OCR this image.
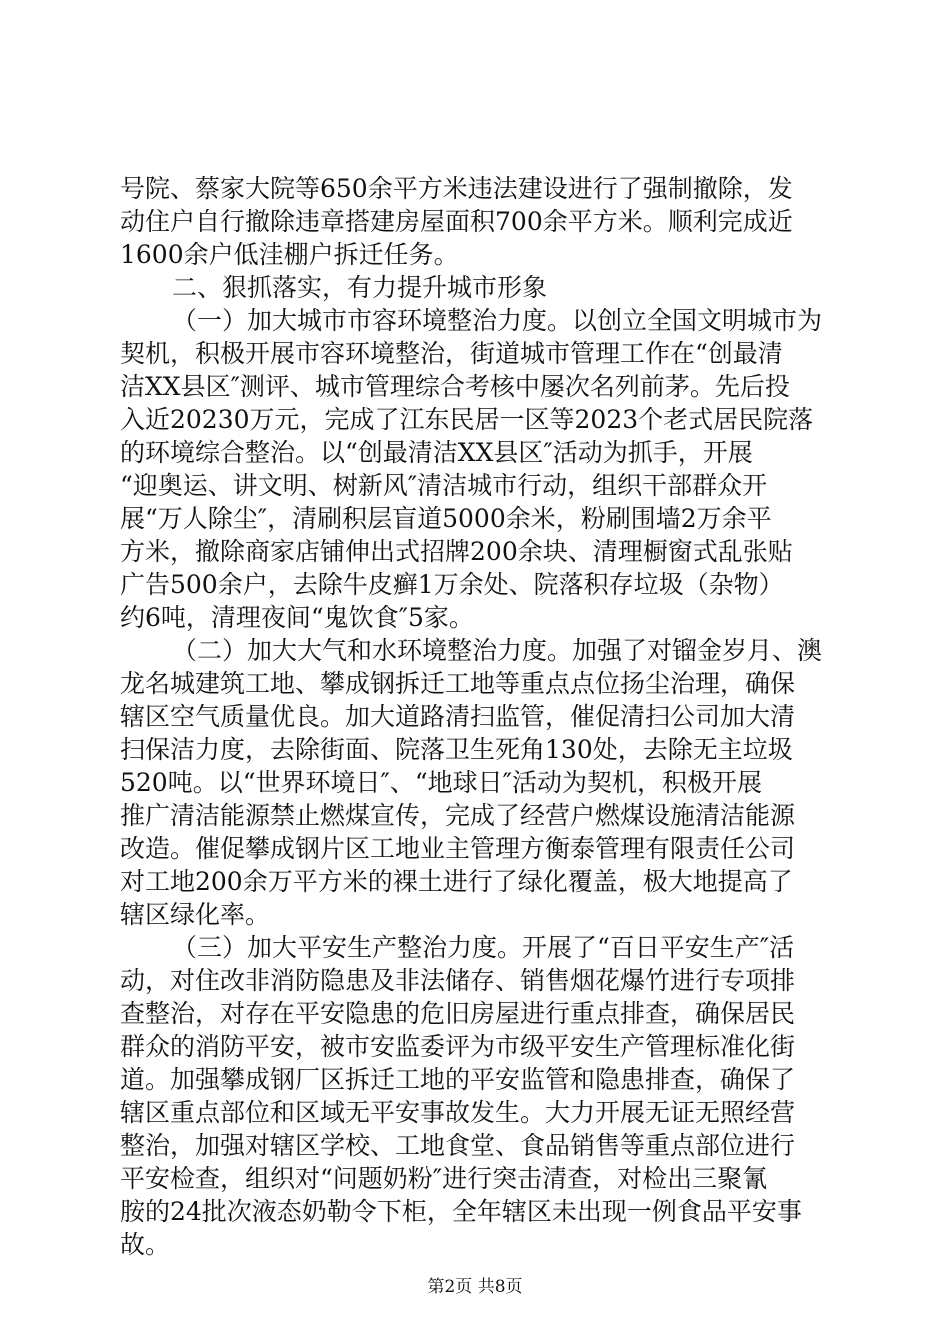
号院、蔡家大院等650余平方米违法建设进行了强制撤除，发
动住户自行撤除违章搭建房屋面积700余平方米。顺利完成近
1600余户低洼棚户拆迁任务。
二、狠抓落实，有力提升城市形象
（一）加大城市市容环境整治力度。以创立全国文明城市为
契机，积极开展市容环境整治，街道城市管理工作在“创最清
洁XX县区″测评、城市管理综合考核中屡次名列前茅。先后投
入近20230万元，完成了江东民居一区等2023个老式居民院落
的环境综合整治。以“创最清洁XX县区″活动为抓手，开展
“迎奥运、讲文明、树新风″清洁城市行动，组织干部群众开
展“万人除尘″，清刷积层盲道5000余米，粉刷围墙2万余平
方米，撤除商家店铺伸出式招牌200余块、清理橱窗式乱张贴
广告500余户，去除牛皮癣1万余处、院落积存垃圾（杂物）
约6吨，清理夜间“鬼饮食″5家。
（二）加大大气和水环境整治力度。加强了对镏金岁月、澳
龙名城建筑工地、攀成钢拆迁工地等重点点位扬尘治理，确保
辖区空气质量优良。加大道路清扫监管，催促清扫公司加大清
扫保洁力度，去除街面、院落卫生死角130处，去除无主垃圾
520吨。以“世界环境日″、“地球日″活动为契机，积极开展
推广清洁能源禁止燃煤宣传，完成了经营户燃煤设施清洁能源
改造。催促攀成钢片区工地业主管理方衡泰管理有限责任公司
对工地200余万平方米的裸土进行了绿化覆盖，极大地提高了
辖区绿化率。
（三）加大平安生产整治力度。开展了“百日平安生产″活
动，对住改非消防隐患及非法储存、销售烟花爆竹进行专项排
查整治，对存在平安隐患的危旧房屋进行重点排查，确保居民
群众的消防平安，被市安监委评为市级平安生产管理标准化街
道。加强攀成钢厂区拆迁工地的平安监管和隐患排查，确保了
辖区重点部位和区域无平安事故发生。大力开展无证无照经营
整治，加强对辖区学校、工地食堂、食品销售等重点部位进行
平安检查，组织对“问题奶粉″进行突击清查，对检出三聚氰
胺的24批次液态奶勒令下柜，全年辖区未出现一例食品平安事
故。
第2页 共8页
